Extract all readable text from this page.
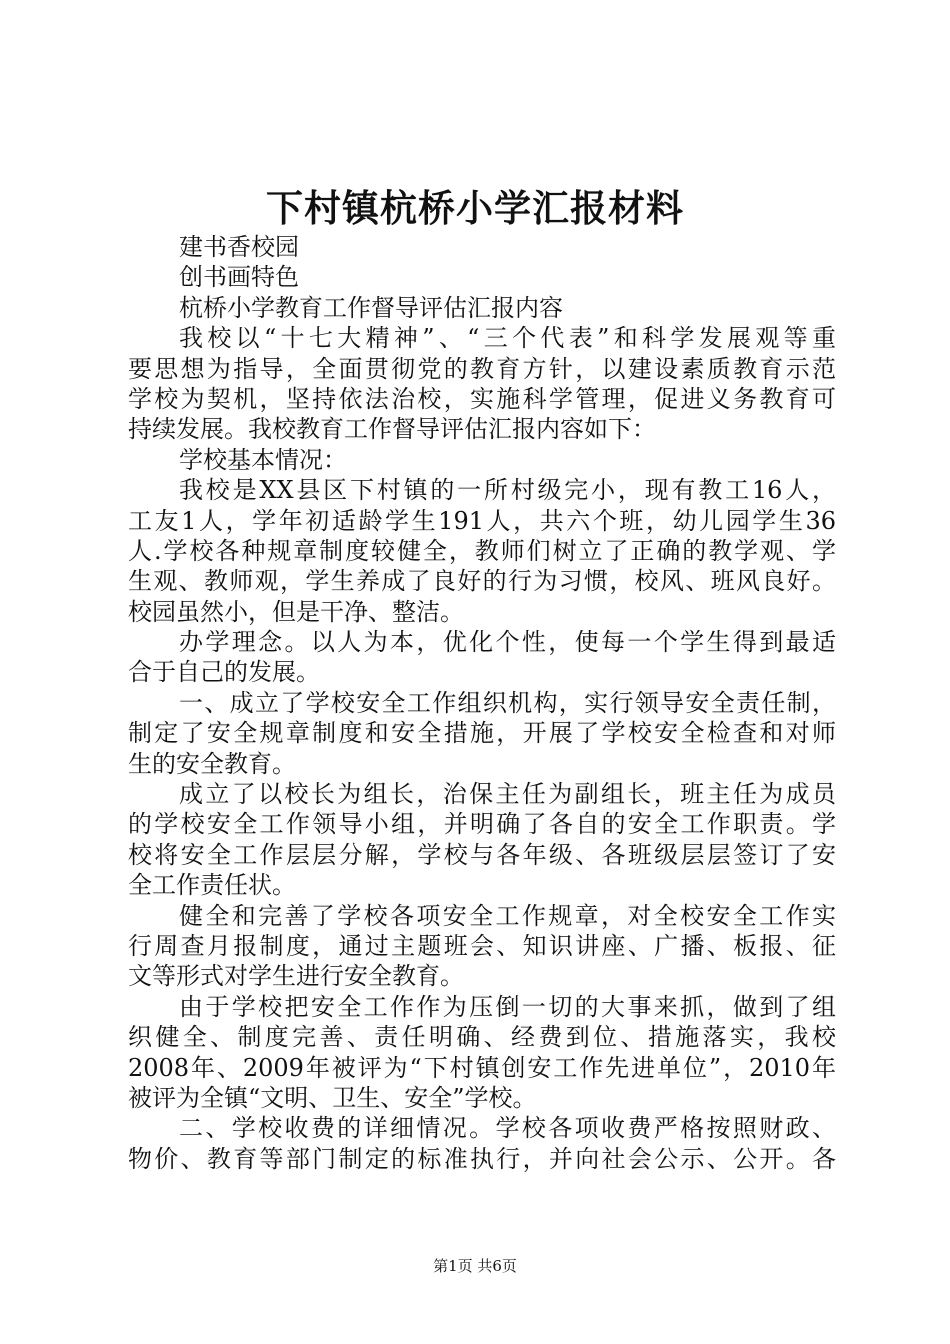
下村镇杭桥小学汇报材料
建书香校园
创书画特色
杭桥小学教育工作督导评估汇报内容
我校以“十七大精神”、“三个代表”和科学发展观等重
要思想为指导，全面贯彻党的教育方针，以建设素质教育示范
学校为契机，坚持依法治校，实施科学管理，促进义务教育可
持续发展。我校教育工作督导评估汇报内容如下：
学校基本情况：
我校是XX县区下村镇的一所村级完小，现有教工16人，
工友1人，学年初适龄学生191人，共六个班，幼儿园学生36
人.学校各种规章制度较健全，教师们树立了正确的教学观、学
生观、教师观，学生养成了良好的行为习惯，校风、班风良好。
校园虽然小，但是干净、整洁。
办学理念。以人为本，优化个性，使每一个学生得到最适
合于自己的发展。
一、成立了学校安全工作组织机构，实行领导安全责任制，
制定了安全规章制度和安全措施，开展了学校安全检查和对师
生的安全教育。
成立了以校长为组长，治保主任为副组长，班主任为成员
的学校安全工作领导小组，并明确了各自的安全工作职责。学
校将安全工作层层分解，学校与各年级、各班级层层签订了安
全工作责任状。
健全和完善了学校各项安全工作规章，对全校安全工作实
行周查月报制度，通过主题班会、知识讲座、广播、板报、征
文等形式对学生进行安全教育。
由于学校把安全工作作为压倒一切的大事来抓，做到了组
织健全、制度完善、责任明确、经费到位、措施落实，我校
2008年、2009年被评为“下村镇创安工作先进单位”，2010年
被评为全镇“文明、卫生、安全”学校。
二、学校收费的详细情况。学校各项收费严格按照财政、
物价、教育等部门制定的标准执行，并向社会公示、公开。各
第1页 共6页
